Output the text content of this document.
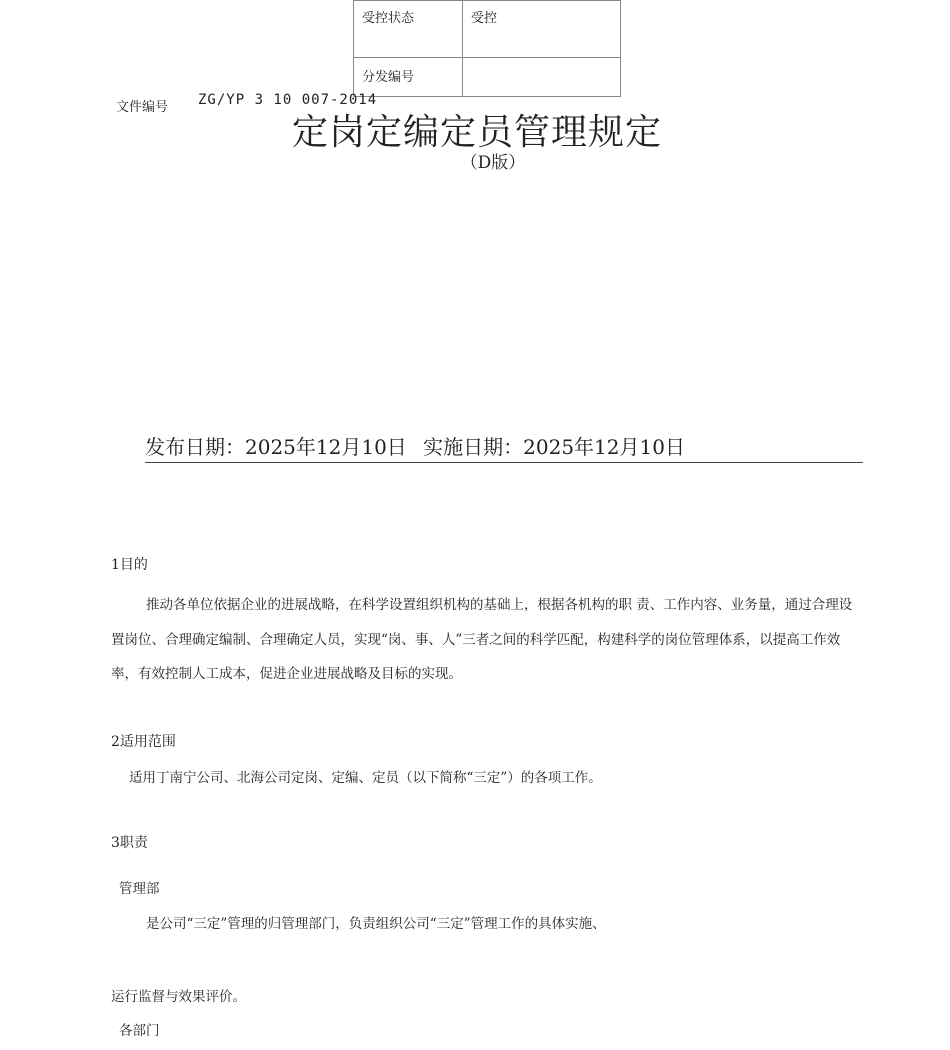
受控状态	受控
分发编号	
文件编号 ZG/YP 3 10 007-2014
定岗定编定员管理规定
（D版）
发布日期：2025年12月10日 实施日期：2025年12月10日
1目的
推动各单位依据企业的进展战略，在科学设置组织机构的基础上，根据各机构的职 责、工作内容、业务量，通过合理设置岗位、合理确定编制、合理确定人员，实现“岗、事、人”三者之间的科学匹配，构建科学的岗位管理体系，以提高工作效率，有效控制人工成本，促进企业进展战略及目标的实现。
2适用范围
适用丁南宁公司、北海公司定岗、定编、定员（以下简称“三定”）的各项工作。
3职责
管理部
是公司“三定”管理的归管理部门，负责组织公司“三定”管理工作的具体实施、
运行监督与效果评价。
各部门
